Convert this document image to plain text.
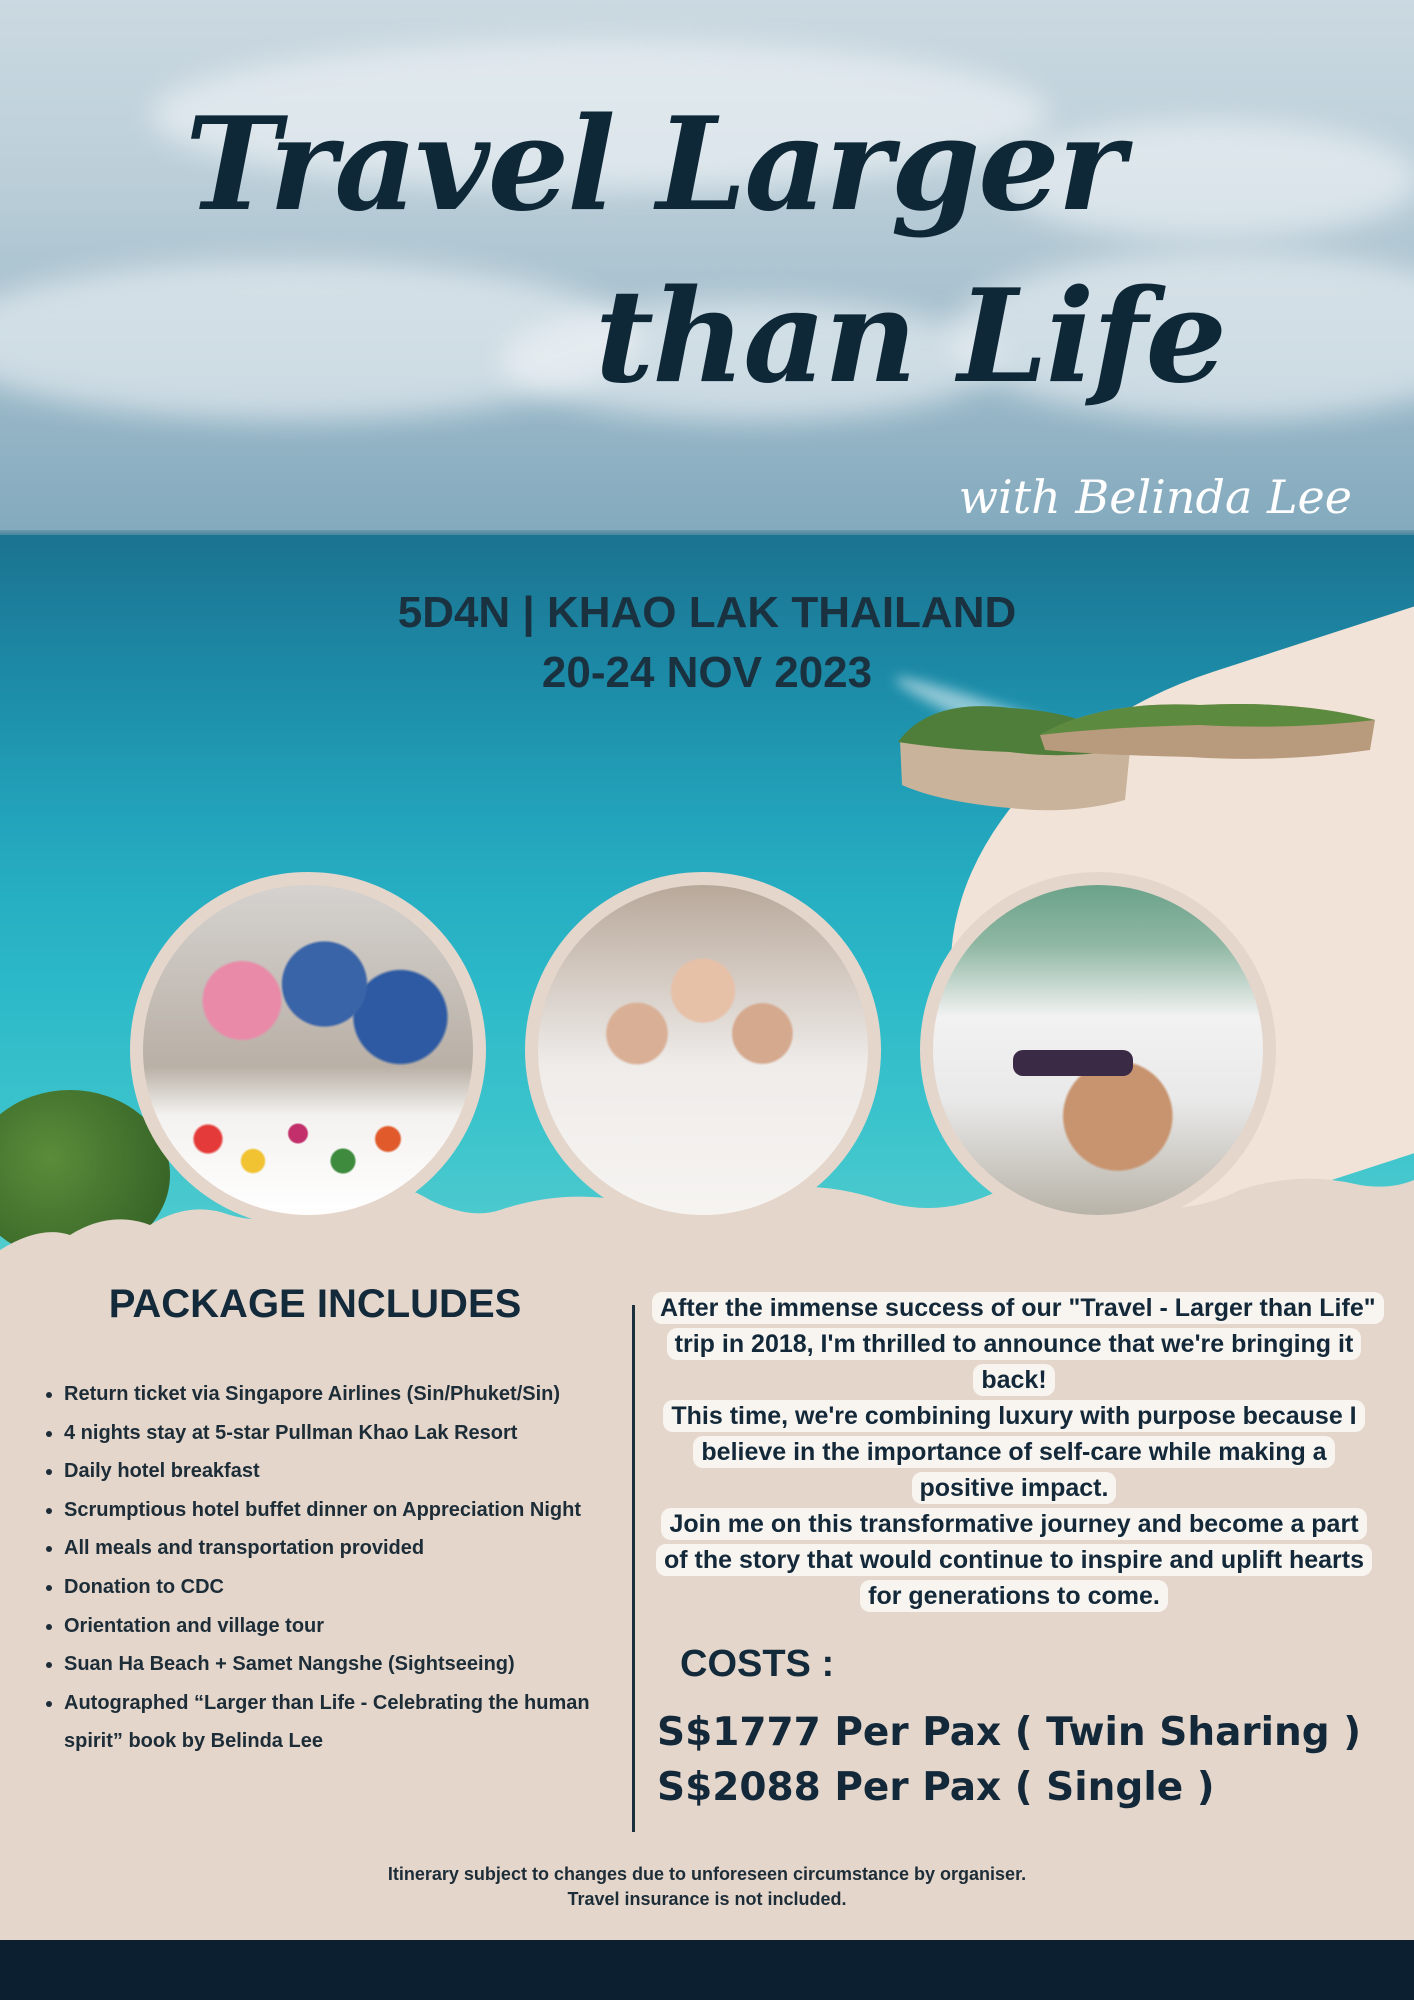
Travel Larger
than Life
with Belinda Lee
5D4N | KHAO LAK THAILAND
20-24 NOV 2023
PACKAGE INCLUDES
• Return ticket via Singapore Airlines (Sin/Phuket/Sin)
• 4 nights stay at 5-star Pullman Khao Lak Resort
• Daily hotel breakfast
• Scrumptious hotel buffet dinner on Appreciation Night
• All meals and transportation provided
• Donation to CDC
• Orientation and village tour
• Suan Ha Beach + Samet Nangshe (Sightseeing)
• Autographed “Larger than Life - Celebrating the human spirit” book by Belinda Lee
After the immense success of our "Travel - Larger than Life" trip in 2018, I'm thrilled to announce that we're bringing it back!
This time, we're combining luxury with purpose because I believe in the importance of self-care while making a positive impact.
Join me on this transformative journey and become a part of the story that would continue to inspire and uplift hearts for generations to come.
COSTS :
S$1777 Per Pax ( Twin Sharing )
S$2088 Per Pax ( Single )
Itinerary subject to changes due to unforeseen circumstance by organiser.
Travel insurance is not included.
